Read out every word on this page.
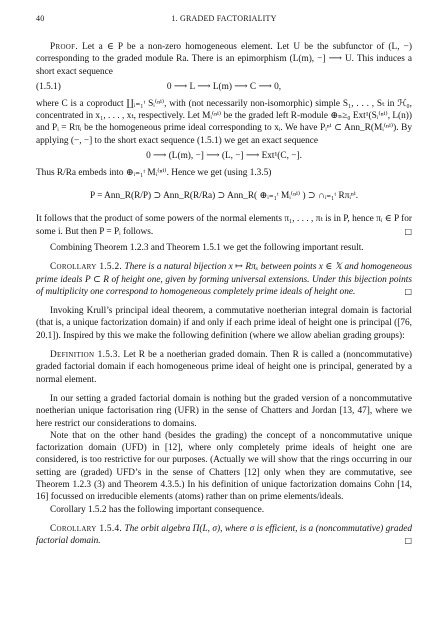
40	1. GRADED FACTORIALITY

Proof. Let a ∈ P be a non-zero homogeneous element. Let U be the subfunctor of (L, −) corresponding to the graded module Ra. There is an epimorphism (L(m), −] ⟶ U. This induces a short exact sequence

(1.5.1)	0 ⟶ L ⟶ L(m) ⟶ C ⟶ 0,

where C is a coproduct ∐ᵢ₌₁ᵗ Sᵢ⁽ⁿⁱ⁾, with (not necessarily non-isomorphic) simple S₁, . . . , Sₜ in ℋ₀, concentrated in x₁, . . . , xₜ, respectively. Let Mᵢ⁽ⁿⁱ⁾ be the graded left R-module ⊕ₙ≥₀ Ext¹(Sᵢ⁽ⁿⁱ⁾, L(n)) and Pᵢ = Rπᵢ be the homogeneous prime ideal corresponding to xᵢ. We have Pᵢⁿⁱ ⊂ Ann_R(Mᵢ⁽ⁿⁱ⁾). By applying (−, −] to the short exact sequence (1.5.1) we get an exact sequence

0 ⟶ (L(m), −] ⟶ (L, −] ⟶ Ext¹(C, −].

Thus R/Ra embeds into ⊕ᵢ₌₁ᵗ Mᵢ⁽ⁿⁱ⁾. Hence we get (using 1.3.5)

P = Ann_R(R/P) ⊃ Ann_R(R/Ra) ⊃ Ann_R( ⊕ᵢ₌₁ᵗ Mᵢ⁽ⁿⁱ⁾ ) ⊃ ∩ᵢ₌₁ᵗ Rπᵢⁿⁱ.

It follows that the product of some powers of the normal elements π₁, . . . , πₜ is in P, hence πᵢ ∈ P for some i. But then P = Pᵢ follows.	□

Combining Theorem 1.2.3 and Theorem 1.5.1 we get the following important result.

Corollary 1.5.2. There is a natural bijection x ↦ Rπₓ between points x ∈ 𝕏 and homogeneous prime ideals P ⊂ R of height one, given by forming universal extensions. Under this bijection points of multiplicity one correspond to homogeneous completely prime ideals of height one.	□

Invoking Krull’s principal ideal theorem, a commutative noetherian integral domain is factorial (that is, a unique factorization domain) if and only if each prime ideal of height one is principal ([76, 20.1]). Inspired by this we make the following definition (where we allow abelian grading groups):

Definition 1.5.3. Let R be a noetherian graded domain. Then R is called a (noncommutative) graded factorial domain if each homogeneous prime ideal of height one is principal, generated by a normal element.

In our setting a graded factorial domain is nothing but the graded version of a noncommutative noetherian unique factorisation ring (UFR) in the sense of Chatters and Jordan [13, 47], where we here restrict our considerations to domains.

Note that on the other hand (besides the grading) the concept of a noncommutative unique factorization domain (UFD) in [12], where only completely prime ideals of height one are considered, is too restrictive for our purposes. (Actually we will show that the rings occurring in our setting are (graded) UFD’s in the sense of Chatters [12] only when they are commutative, see Theorem 1.2.3 (3) and Theorem 4.3.5.) In his definition of unique factorization domains Cohn [14, 16] focussed on irreducible elements (atoms) rather than on prime elements/ideals.

Corollary 1.5.2 has the following important consequence.

Corollary 1.5.4. The orbit algebra Π(L, σ), where σ is efficient, is a (noncommutative) graded factorial domain.	□
